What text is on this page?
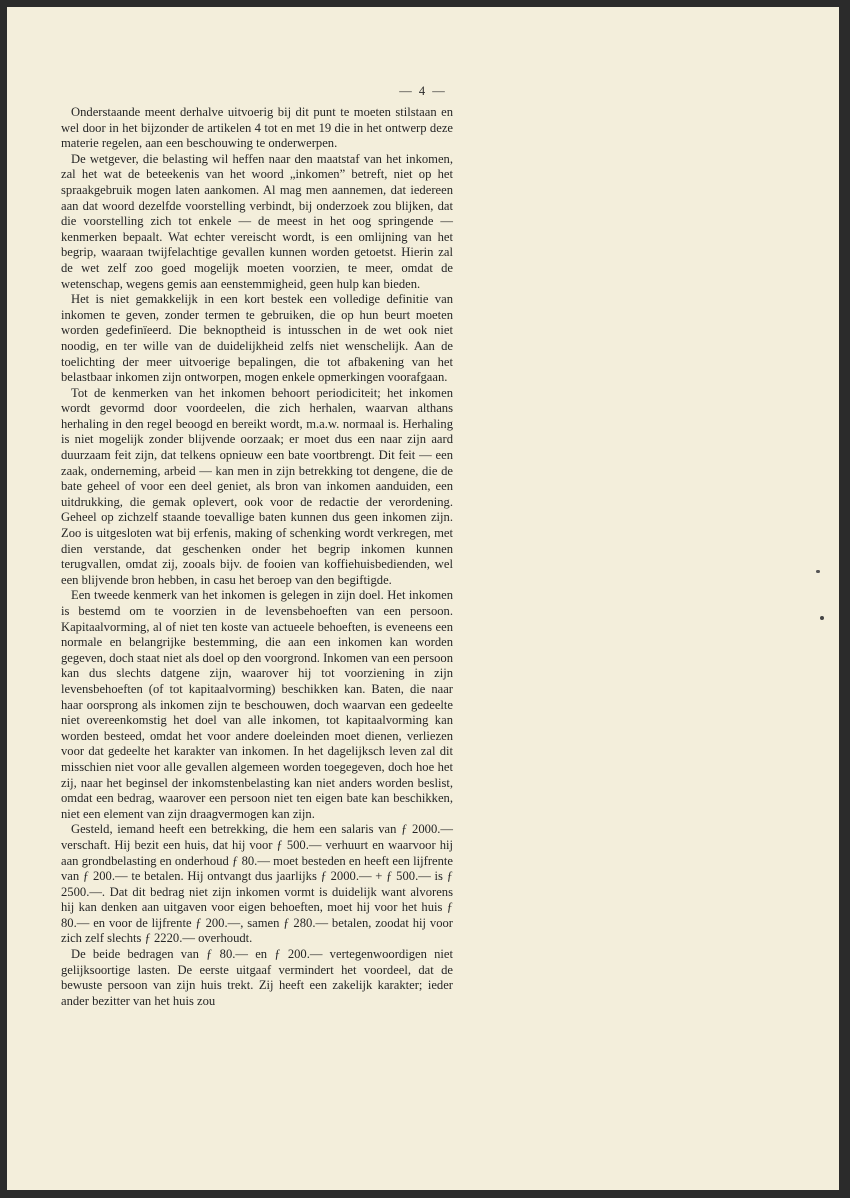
— 4 —

Onderstaande meent derhalve uitvoerig bij dit punt te moeten stilstaan en wel door in het bijzonder de artikelen 4 tot en met 19 die in het ontwerp deze materie regelen, aan een beschouwing te onderwerpen.

De wetgever, die belasting wil heffen naar den maatstaf van het inkomen, zal het wat de beteekenis van het woord „inkomen” betreft, niet op het spraakgebruik mogen laten aankomen. Al mag men aannemen, dat iedereen aan dat woord dezelfde voorstelling verbindt, bij onderzoek zou blijken, dat die voorstelling zich tot enkele — de meest in het oog springende — kenmerken bepaalt. Wat echter vereischt wordt, is een omlijning van het begrip, waaraan twijfelachtige gevallen kunnen worden getoetst. Hierin zal de wet zelf zoo goed mogelijk moeten voorzien, te meer, omdat de wetenschap, wegens gemis aan eenstemmigheid, geen hulp kan bieden.

Het is niet gemakkelijk in een kort bestek een volledige definitie van inkomen te geven, zonder termen te gebruiken, die op hun beurt moeten worden gedefinïeerd. Die beknoptheid is intusschen in de wet ook niet noodig, en ter wille van de duidelijkheid zelfs niet wenschelijk. Aan de toelichting der meer uitvoerige bepalingen, die tot afbakening van het belastbaar inkomen zijn ontworpen, mogen enkele opmerkingen voorafgaan.

Tot de kenmerken van het inkomen behoort periodiciteit; het inkomen wordt gevormd door voordeelen, die zich herhalen, waarvan althans herhaling in den regel beoogd en bereikt wordt, m.a.w. normaal is. Herhaling is niet mogelijk zonder blijvende oorzaak; er moet dus een naar zijn aard duurzaam feit zijn, dat telkens opnieuw een bate voortbrengt. Dit feit — een zaak, onderneming, arbeid — kan men in zijn betrekking tot dengene, die de bate geheel of voor een deel geniet, als bron van inkomen aanduiden, een uitdrukking, die gemak oplevert, ook voor de redactie der verordening. Geheel op zichzelf staande toevallige baten kunnen dus geen inkomen zijn. Zoo is uitgesloten wat bij erfenis, making of schenking wordt verkregen, met dien verstande, dat geschenken onder het begrip inkomen kunnen terugvallen, omdat zij, zooals bijv. de fooien van koffiehuisbedienden, wel een blijvende bron hebben, in casu het beroep van den begiftigde.

Een tweede kenmerk van het inkomen is gelegen in zijn doel. Het inkomen is bestemd om te voorzien in de levensbehoeften van een persoon. Kapitaalvorming, al of niet ten koste van actueele behoeften, is eveneens een normale en belangrijke bestemming, die aan een inkomen kan worden gegeven, doch staat niet als doel op den voorgrond. Inkomen van een persoon kan dus slechts datgene zijn, waarover hij tot voorziening in zijn levensbehoeften (of tot kapitaalvorming) beschikken kan. Baten, die naar haar oorsprong als inkomen zijn te beschouwen, doch waarvan een gedeelte niet overeenkomstig het doel van alle inkomen, tot kapitaalvorming kan worden besteed, omdat het voor andere doeleinden moet dienen, verliezen voor dat gedeelte het karakter van inkomen. In het dagelijksch leven zal dit misschien niet voor alle gevallen algemeen worden toegegeven, doch hoe het zij, naar het beginsel der inkomstenbelasting kan niet anders worden beslist, omdat een bedrag, waarover een persoon niet ten eigen bate kan beschikken, niet een element van zijn draagvermogen kan zijn.

Gesteld, iemand heeft een betrekking, die hem een salaris van ƒ 2000.— verschaft. Hij bezit een huis, dat hij voor ƒ 500.— verhuurt en waarvoor hij aan grondbelasting en onderhoud ƒ 80.— moet besteden en heeft een lijfrente van ƒ 200.— te betalen. Hij ontvangt dus jaarlijks ƒ 2000.— + ƒ 500.— is ƒ 2500.—. Dat dit bedrag niet zijn inkomen vormt is duidelijk want alvorens hij kan denken aan uitgaven voor eigen behoeften, moet hij voor het huis ƒ 80.— en voor de lijfrente ƒ 200.—, samen ƒ 280.— betalen, zoodat hij voor zich zelf slechts ƒ 2220.— overhoudt.

De beide bedragen van ƒ 80.— en ƒ 200.— vertegenwoordigen niet gelijksoortige lasten. De eerste uitgaaf vermindert het voordeel, dat de bewuste persoon van zijn huis trekt. Zij heeft een zakelijk karakter; ieder ander bezitter van het huis zou
